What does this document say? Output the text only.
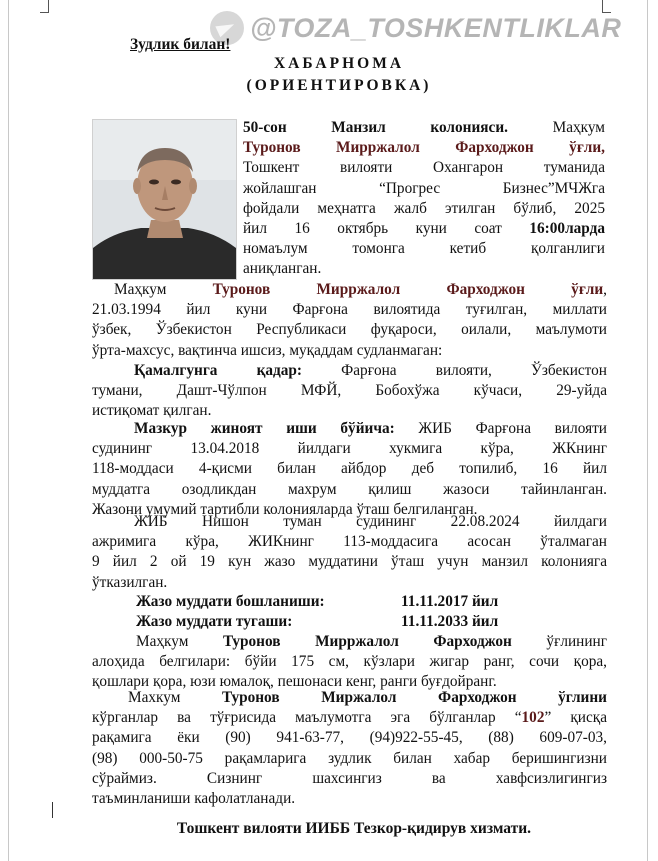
@TOZA_TOSHKENTLIKLAR
Зудлик билан!
ХАБАРНОМА
(ОРИЕНТИРОВКА)
50-сон Манзил колонияси. Маҳкум
Туронов Мирржалол Фарходжон ўғли,
Тошкент вилояти Охангарон туманида
жойлашган “Прогрес Бизнес”МЧЖга
фойдали меҳнатга жалб этилган бўлиб, 2025
йил 16 октябрь куни соат 16:00ларда
номаълум томонга кетиб қолганлиги
аниқланган.
Маҳкум Туронов Мирржалол Фарходжон ўғли,
21.03.1994 йил куни Фарғона вилоятида туғилган, миллати
ўзбек, Ўзбекистон Республикаси фуқароси, оилали, маълумоти
ўрта-махсус, вақтинча ишсиз, муқаддам судланмаган:
Қамалгунга қадар: Фарғона вилояти, Ўзбекистон
тумани, Дашт-Чўлпон МФЙ, Бобохўжа кўчаси, 29-уйда
истиқомат қилган.
Мазкур жиноят иши бўйича: ЖИБ Фарғона вилояти
судининг 13.04.2018 йилдаги хукмига кўра, ЖКнинг
118-моддаси 4-қисми билан айбдор деб топилиб, 16 йил
муддатга озодликдан махрум қилиш жазоси тайинланган.
Жазони умумий тартибли колонияларда ўташ белгиланган.
ЖИБ Нишон туман судининг 22.08.2024 йилдаги
ажримига кўра, ЖИКнинг 113-моддасига асосан ўталмаган
9 йил 2 ой 19 кун жазо муддатини ўташ учун манзил колонияга
ўтказилган.
Жазо муддати бошланиши:	11.11.2017 йил
Жазо муддати тугаши:	11.11.2033 йил
Маҳкум Туронов Мирржалол Фарходжон ўғлининг
алоҳида белгилари: бўйи 175 см, кўзлари жигар ранг, сочи қора,
қошлари қора, юзи юмалоқ, пешонаси кенг, ранги буғдойранг.
Махкум Туронов Миржалол Фарходжон ўглини
кўрганлар ва тўғрисида маълумотга эга бўлганлар “102” қисқа
рақамига ёки (90) 941-63-77, (94)922-55-45, (88) 609-07-03,
(98) 000-50-75 рақамларига зудлик билан хабар беришингизни
сўраймиз. Сизнинг шахсингиз ва хавфсизлигингиз
таъминланиши кафолатланади.
Тошкент вилояти ИИББ Тезкор-қидирув хизмати.
